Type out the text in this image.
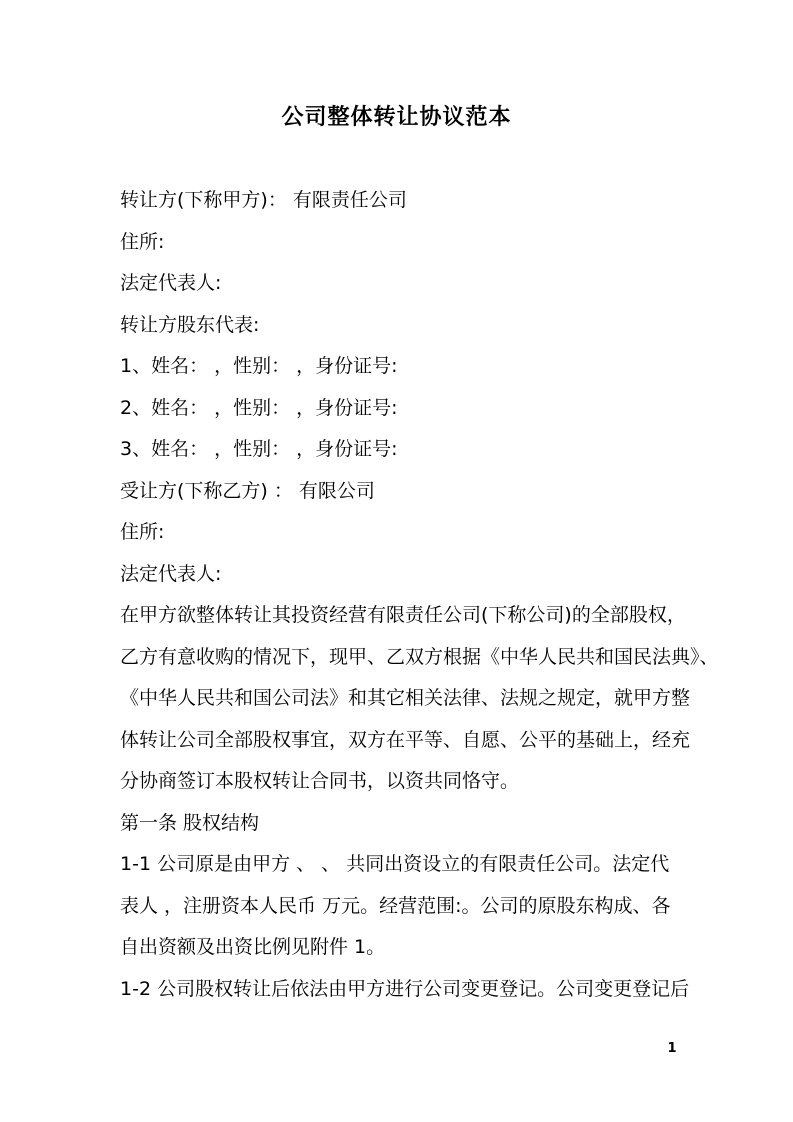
公司整体转让协议范本
转让方(下称甲方)： 有限责任公司
住所:
法定代表人:
转让方股东代表:
1、姓名： ，性别： ，身份证号:
2、姓名： ，性别： ，身份证号:
3、姓名： ，性别： ，身份证号:
受让方(下称乙方) ： 有限公司
住所:
法定代表人:
在甲方欲整体转让其投资经营有限责任公司(下称公司)的全部股权，
乙方有意收购的情况下，现甲、乙双方根据《中华人民共和国民法典》、
《中华人民共和国公司法》和其它相关法律、法规之规定，就甲方整
体转让公司全部股权事宜，双方在平等、自愿、公平的基础上，经充
分协商签订本股权转让合同书，以资共同恪守。
第一条 股权结构
1-1 公司原是由甲方 、 、 共同出资设立的有限责任公司。法定代
表人 ，注册资本人民币 万元。经营范围:。公司的原股东构成、各
自出资额及出资比例见附件 1。
1-2 公司股权转让后依法由甲方进行公司变更登记。公司变更登记后
1
